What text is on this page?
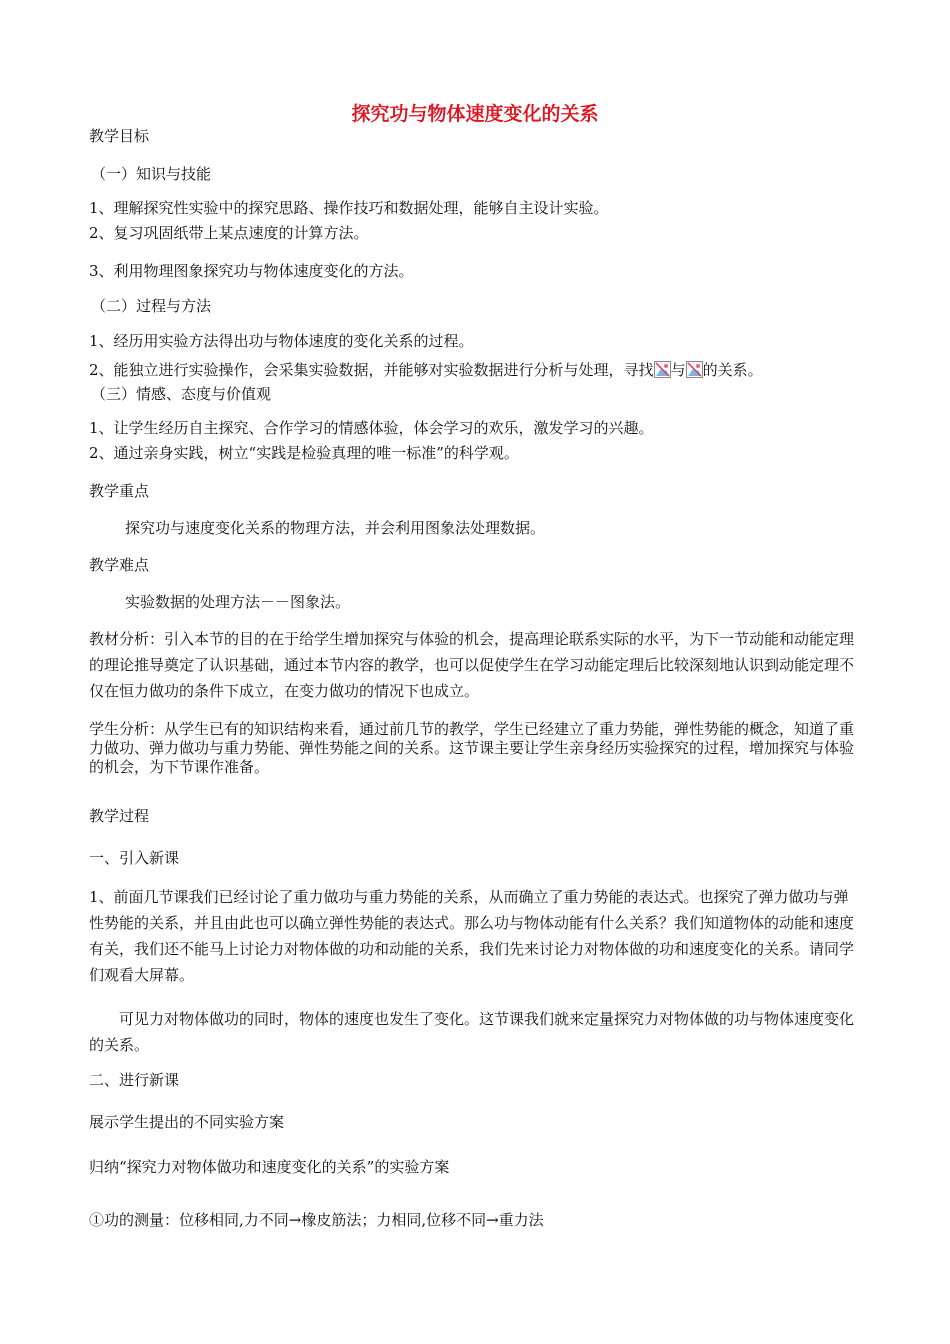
探究功与物体速度变化的关系
教学目标
（一）知识与技能
1、理解探究性实验中的探究思路、操作技巧和数据处理，能够自主设计实验。
2、复习巩固纸带上某点速度的计算方法。
3、利用物理图象探究功与物体速度变化的方法。
（二）过程与方法
1、经历用实验方法得出功与物体速度的变化关系的过程。
2、能独立进行实验操作，会采集实验数据，并能够对实验数据进行分析与处理，寻找 与 的关系。
（三）情感、态度与价值观
1、让学生经历自主探究、合作学习的情感体验，体会学习的欢乐，激发学习的兴趣。
2、通过亲身实践，树立“实践是检验真理的唯一标准”的科学观。
教学重点
探究功与速度变化关系的物理方法，并会利用图象法处理数据。
教学难点
实验数据的处理方法－－图象法。
教材分析：引入本节的目的在于给学生增加探究与体验的机会，提高理论联系实际的水平，为下一节动能和动能定理的理论推导奠定了认识基础，通过本节内容的教学，也可以促使学生在学习动能定理后比较深刻地认识到动能定理不仅在恒力做功的条件下成立，在变力做功的情况下也成立。
学生分析：从学生已有的知识结构来看，通过前几节的教学，学生已经建立了重力势能，弹性势能的概念，知道了重力做功、弹力做功与重力势能、弹性势能之间的关系。这节课主要让学生亲身经历实验探究的过程，增加探究与体验的机会，为下节课作准备。
教学过程
一、引入新课
1、前面几节课我们已经讨论了重力做功与重力势能的关系，从而确立了重力势能的表达式。也探究了弹力做功与弹性势能的关系，并且由此也可以确立弹性势能的表达式。那么功与物体动能有什么关系？我们知道物体的动能和速度有关，我们还不能马上讨论力对物体做的功和动能的关系，我们先来讨论力对物体做的功和速度变化的关系。请同学们观看大屏幕。
可见力对物体做功的同时，物体的速度也发生了变化。这节课我们就来定量探究力对物体做的功与物体速度变化的关系。
二、进行新课
展示学生提出的不同实验方案
归纳“探究力对物体做功和速度变化的关系”的实验方案
①功的测量：位移相同,力不同→橡皮筋法；力相同,位移不同→重力法
